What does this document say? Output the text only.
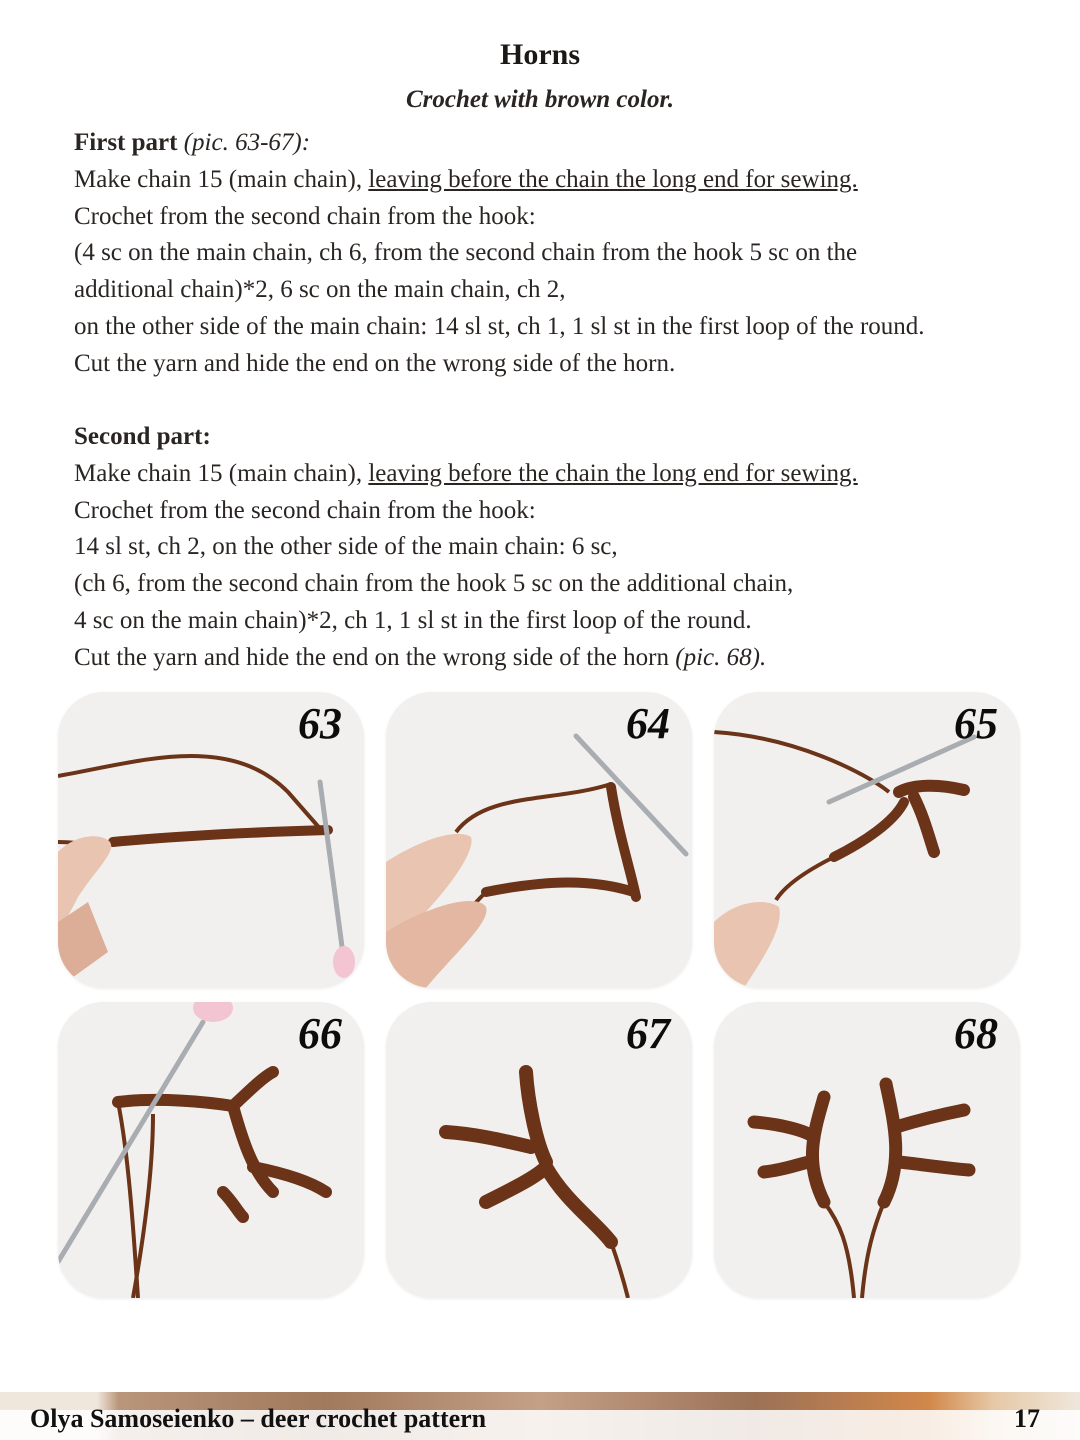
Horns
Crochet with brown color.
First part (pic. 63-67):
Make chain 15 (main chain), leaving before the chain the long end for sewing.
Crochet from the second chain from the hook:
(4 sc on the main chain, ch 6, from the second chain from the hook 5 sc on the
additional chain)*2, 6 sc on the main chain, ch 2,
on the other side of the main chain: 14 sl st, ch 1, 1 sl st in the first loop of the round.
Cut the yarn and hide the end on the wrong side of the horn.
Second part:
Make chain 15 (main chain), leaving before the chain the long end for sewing.
Crochet from the second chain from the hook:
14 sl st, ch 2, on the other side of the main chain: 6 sc,
(ch 6, from the second chain from the hook 5 sc on the additional chain,
4 sc on the main chain)*2, ch 1, 1 sl st in the first loop of the round.
Cut the yarn and hide the end on the wrong side of the horn (pic. 68).
63	64	65
66	67	68
Olya Samoseienko – deer crochet pattern	17
